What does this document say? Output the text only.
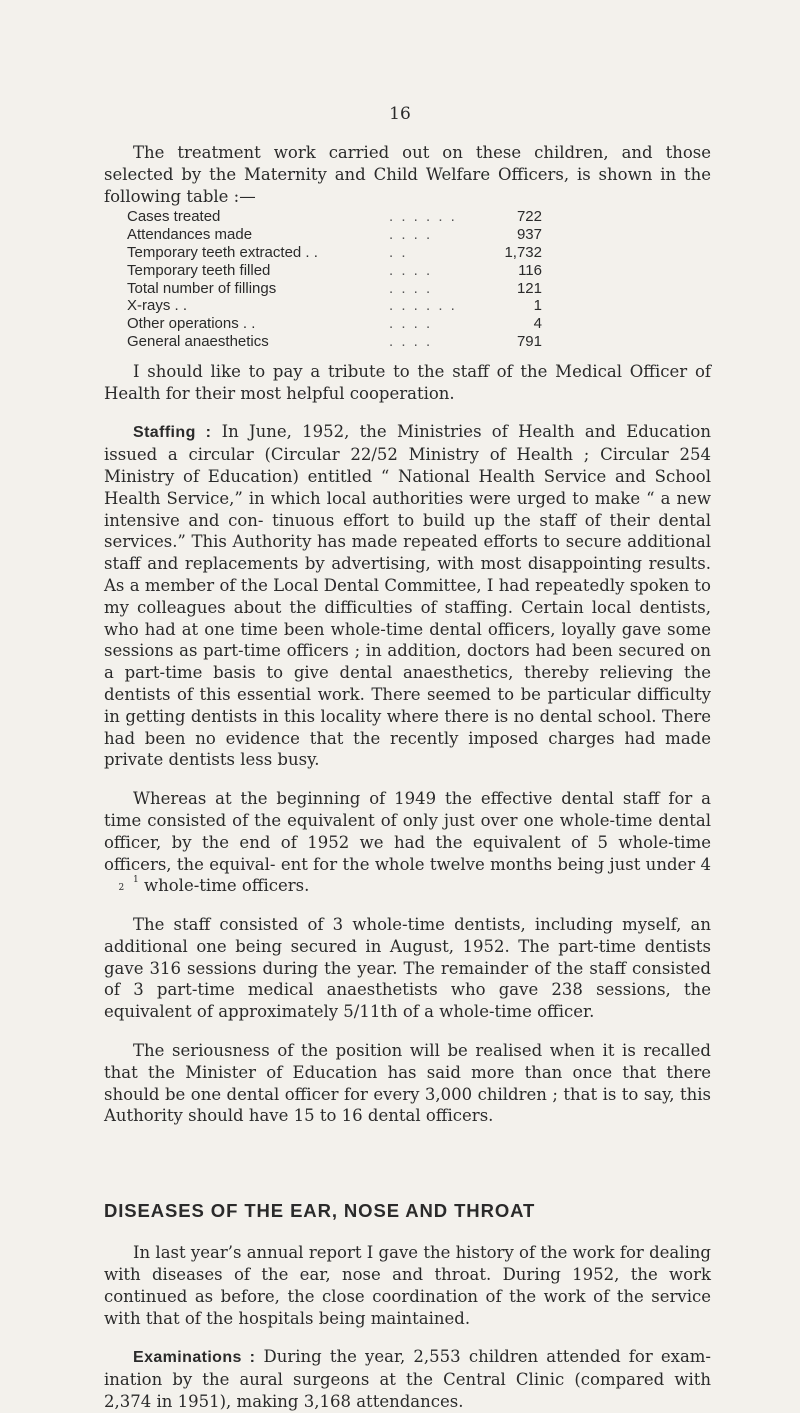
16

The treatment work carried out on these children, and those selected by the Maternity and Child Welfare Officers, is shown in the following table :—

Cases treated	. . . . . .	722
Attendances made	. . . .	937
Temporary teeth extracted . .	. .	1,732
Temporary teeth filled	. . . .	116
Total number of fillings	. . . .	121
X-rays . .	. . . . . .	1
Other operations . .	. . . .	4
General anaesthetics	. . . .	791

I should like to pay a tribute to the staff of the Medical Officer of Health for their most helpful cooperation.

Staffing : In June, 1952, the Ministries of Health and Education issued a circular (Circular 22/52 Ministry of Health ; Circular 254 Ministry of Education) entitled “ National Health Service and School Health Service,” in which local authorities were urged to make “ a new intensive and con- tinuous effort to build up the staff of their dental services.” This Authority has made repeated efforts to secure additional staff and replacements by advertising, with most disappointing results. As a member of the Local Dental Committee, I had repeatedly spoken to my colleagues about the difficulties of staffing. Certain local dentists, who had at one time been whole-time dental officers, loyally gave some sessions as part-time officers ; in addition, doctors had been secured on a part-time basis to give dental anaesthetics, thereby relieving the dentists of this essential work. There seemed to be particular difficulty in getting dentists in this locality where there is no dental school. There had been no evidence that the recently imposed charges had made private dentists less busy.

Whereas at the beginning of 1949 the effective dental staff for a time consisted of the equivalent of only just over one whole-time dental officer, by the end of 1952 we had the equivalent of 5 whole-time officers, the equival- ent for the whole twelve months being just under 41
2 whole-time officers.

The staff consisted of 3 whole-time dentists, including myself, an additional one being secured in August, 1952. The part-time dentists gave 316 sessions during the year. The remainder of the staff consisted of 3 part-time medical anaesthetists who gave 238 sessions, the equivalent of approximately 5/11th of a whole-time officer.

The seriousness of the position will be realised when it is recalled that the Minister of Education has said more than once that there should be one dental officer for every 3,000 children ; that is to say, this Authority should have 15 to 16 dental officers.

DISEASES OF THE EAR, NOSE AND THROAT

In last year’s annual report I gave the history of the work for dealing with diseases of the ear, nose and throat. During 1952, the work continued as before, the close coordination of the work of the service with that of the hospitals being maintained.

Examinations : During the year, 2,553 children attended for exam- ination by the aural surgeons at the Central Clinic (compared with 2,374 in 1951), making 3,168 attendances.
